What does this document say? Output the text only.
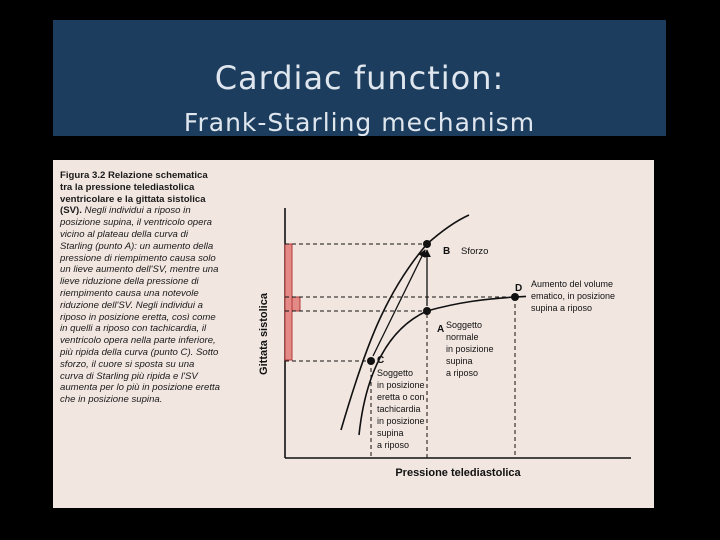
Cardiac function:
Frank-Starling mechanism
Figura 3.2 Relazione schematica tra la pressione telediastolica ventricolare e la gittata sistolica (SV). Negli individui a riposo in posizione supina, il ventricolo opera vicino al plateau della curva di Starling (punto A): un aumento della pressione di riempimento causa solo un lieve aumento dell'SV, mentre una lieve riduzione della pressione di riempimento causa una notevole riduzione dell'SV. Negli individui a riposo in posizione eretta, così come in quelli a riposo con tachicardia, il ventricolo opera nella parte inferiore, più ripida della curva (punto C). Sotto sforzo, il cuore si sposta su una curva di Starling più ripida e l'SV aumenta per lo più in posizione eretta che in posizione supina.
Gittata sistolica
Pressione telediastolica
B Sforzo
D Aumento del volume
ematico, in posizione
supina a riposo
A Soggetto
normale
in posizione
supina
a riposo
C
Soggetto
in posizione
eretta o con
tachicardia
in posizione
supina
a riposo
